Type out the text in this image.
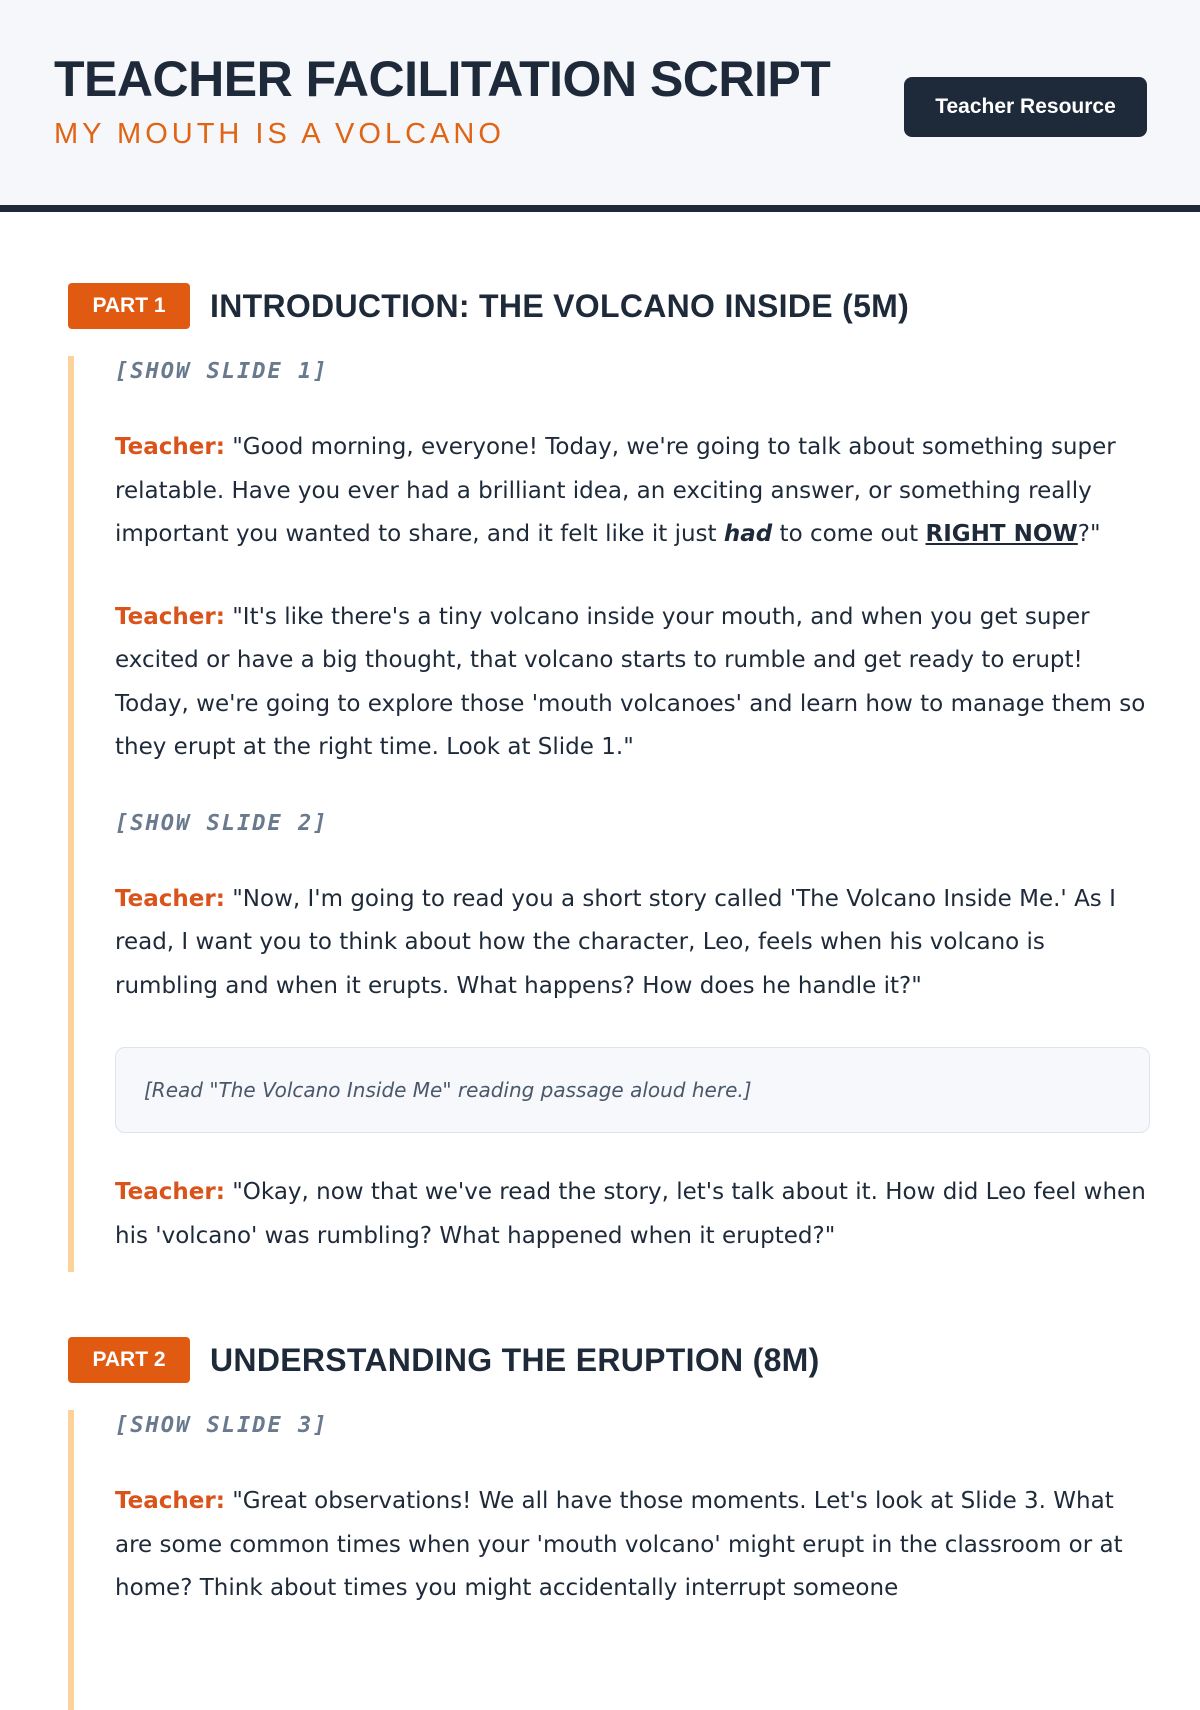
TEACHER FACILITATION SCRIPT
MY MOUTH IS A VOLCANO
Teacher Resource
PART 1	INTRODUCTION: THE VOLCANO INSIDE (5M)

[SHOW SLIDE 1]

Teacher: "Good morning, everyone! Today, we're going to talk about something super relatable. Have you ever had a brilliant idea, an exciting answer, or something really important you wanted to share, and it felt like it just had to come out RIGHT NOW?"

Teacher: "It's like there's a tiny volcano inside your mouth, and when you get super excited or have a big thought, that volcano starts to rumble and get ready to erupt! Today, we're going to explore those 'mouth volcanoes' and learn how to manage them so they erupt at the right time. Look at Slide 1."

[SHOW SLIDE 2]

Teacher: "Now, I'm going to read you a short story called 'The Volcano Inside Me.' As I read, I want you to think about how the character, Leo, feels when his volcano is rumbling and when it erupts. What happens? How does he handle it?"

[Read "The Volcano Inside Me" reading passage aloud here.]

Teacher: "Okay, now that we've read the story, let's talk about it. How did Leo feel when his 'volcano' was rumbling? What happened when it erupted?"

PART 2	UNDERSTANDING THE ERUPTION (8M)

[SHOW SLIDE 3]

Teacher: "Great observations! We all have those moments. Let's look at Slide 3. What are some common times when your 'mouth volcano' might erupt in the classroom or at home? Think about times you might accidentally interrupt someone
